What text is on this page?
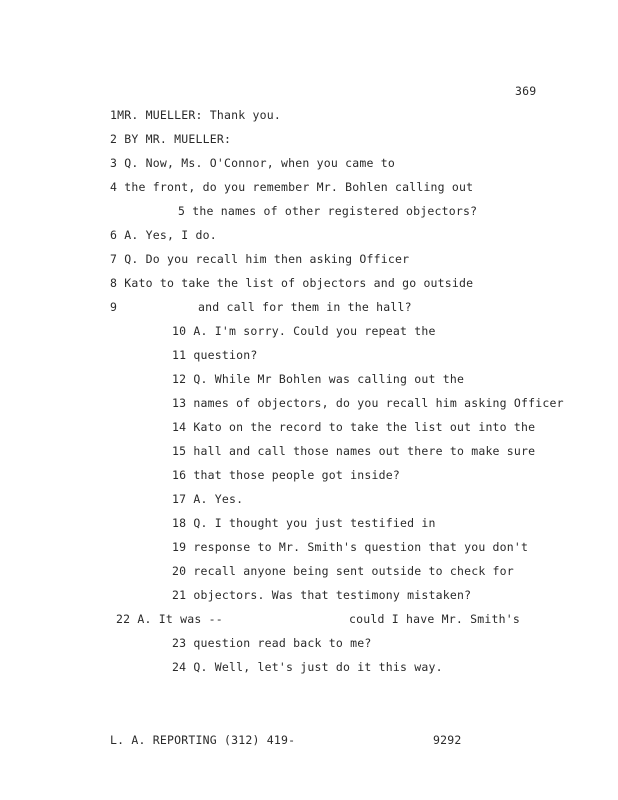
369
1MR. MUELLER: Thank you.
2 BY MR. MUELLER:
3 Q. Now, Ms. O'Connor, when you came to
4 the front, do you remember Mr. Bohlen calling out
5 the names of other registered objectors?
6 A. Yes, I do.
7 Q. Do you recall him then asking Officer
8 Kato to take the list of objectors and go outside
9	and call for them in the hall?
10 A. I'm sorry. Could you repeat the
11 question?
12 Q. While Mr Bohlen was calling out the
13 names of objectors, do you recall him asking Officer
14 Kato on the record to take the list out into the
15 hall and call those names out there to make sure
16 that those people got inside?
17 A. Yes.
18 Q. I thought you just testified in
19 response to Mr. Smith's question that you don't
20 recall anyone being sent outside to check for
21 objectors. Was that testimony mistaken?
22 A. It was --	could I have Mr. Smith's
23 question read back to me?
24 Q. Well, let's just do it this way.
L. A. REPORTING (312) 419-	9292
